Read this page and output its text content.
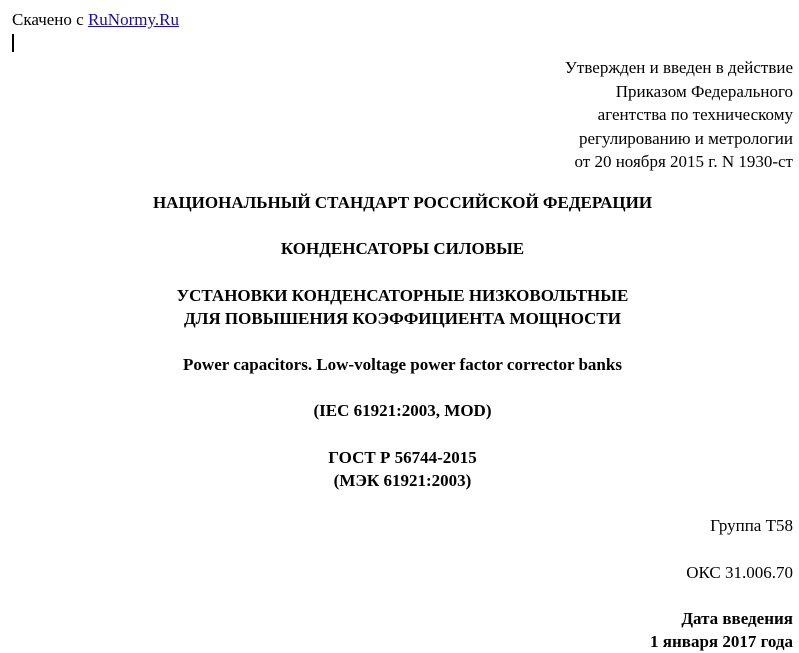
Скачено с RuNormy.Ru
Утвержден и введен в действие
Приказом Федерального
агентства по техническому
регулированию и метрологии
от 20 ноября 2015 г. N 1930-ст
НАЦИОНАЛЬНЫЙ СТАНДАРТ РОССИЙСКОЙ ФЕДЕРАЦИИ
КОНДЕНСАТОРЫ СИЛОВЫЕ
УСТАНОВКИ КОНДЕНСАТОРНЫЕ НИЗКОВОЛЬТНЫЕ
ДЛЯ ПОВЫШЕНИЯ КОЭФФИЦИЕНТА МОЩНОСТИ
Power capacitors. Low-voltage power factor corrector banks
(IEC 61921:2003, MOD)
ГОСТ Р 56744-2015
(МЭК 61921:2003)
Группа Т58
ОКС 31.006.70
Дата введения
1 января 2017 года
